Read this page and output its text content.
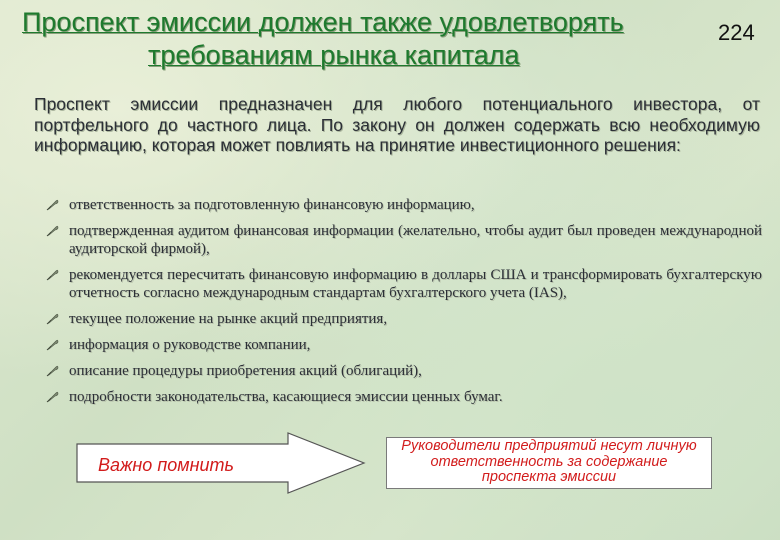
Проспект эмиссии должен также удовлетворять
требованиям рынка капитала
224
Проспект эмиссии предназначен для любого потенциального инвестора, от портфельного до частного лица. По закону он должен содержать всю необходимую информацию, которая может повлиять на принятие инвестиционного решения:
ответственность за подготовленную финансовую информацию,
подтвержденная аудитом финансовая информации (желательно, чтобы аудит был проведен международной аудиторской фирмой),
рекомендуется пересчитать финансовую информацию в доллары США и трансформировать бухгалтерскую отчетность согласно международным стандартам бухгалтерского учета (IAS),
текущее положение на рынке акций предприятия,
информация о руководстве компании,
описание процедуры приобретения акций (облигаций),
подробности законодательства, касающиеся эмиссии ценных бумаг.
Важно помнить
Руководители предприятий несут личную ответственность за содержание проспекта эмиссии
